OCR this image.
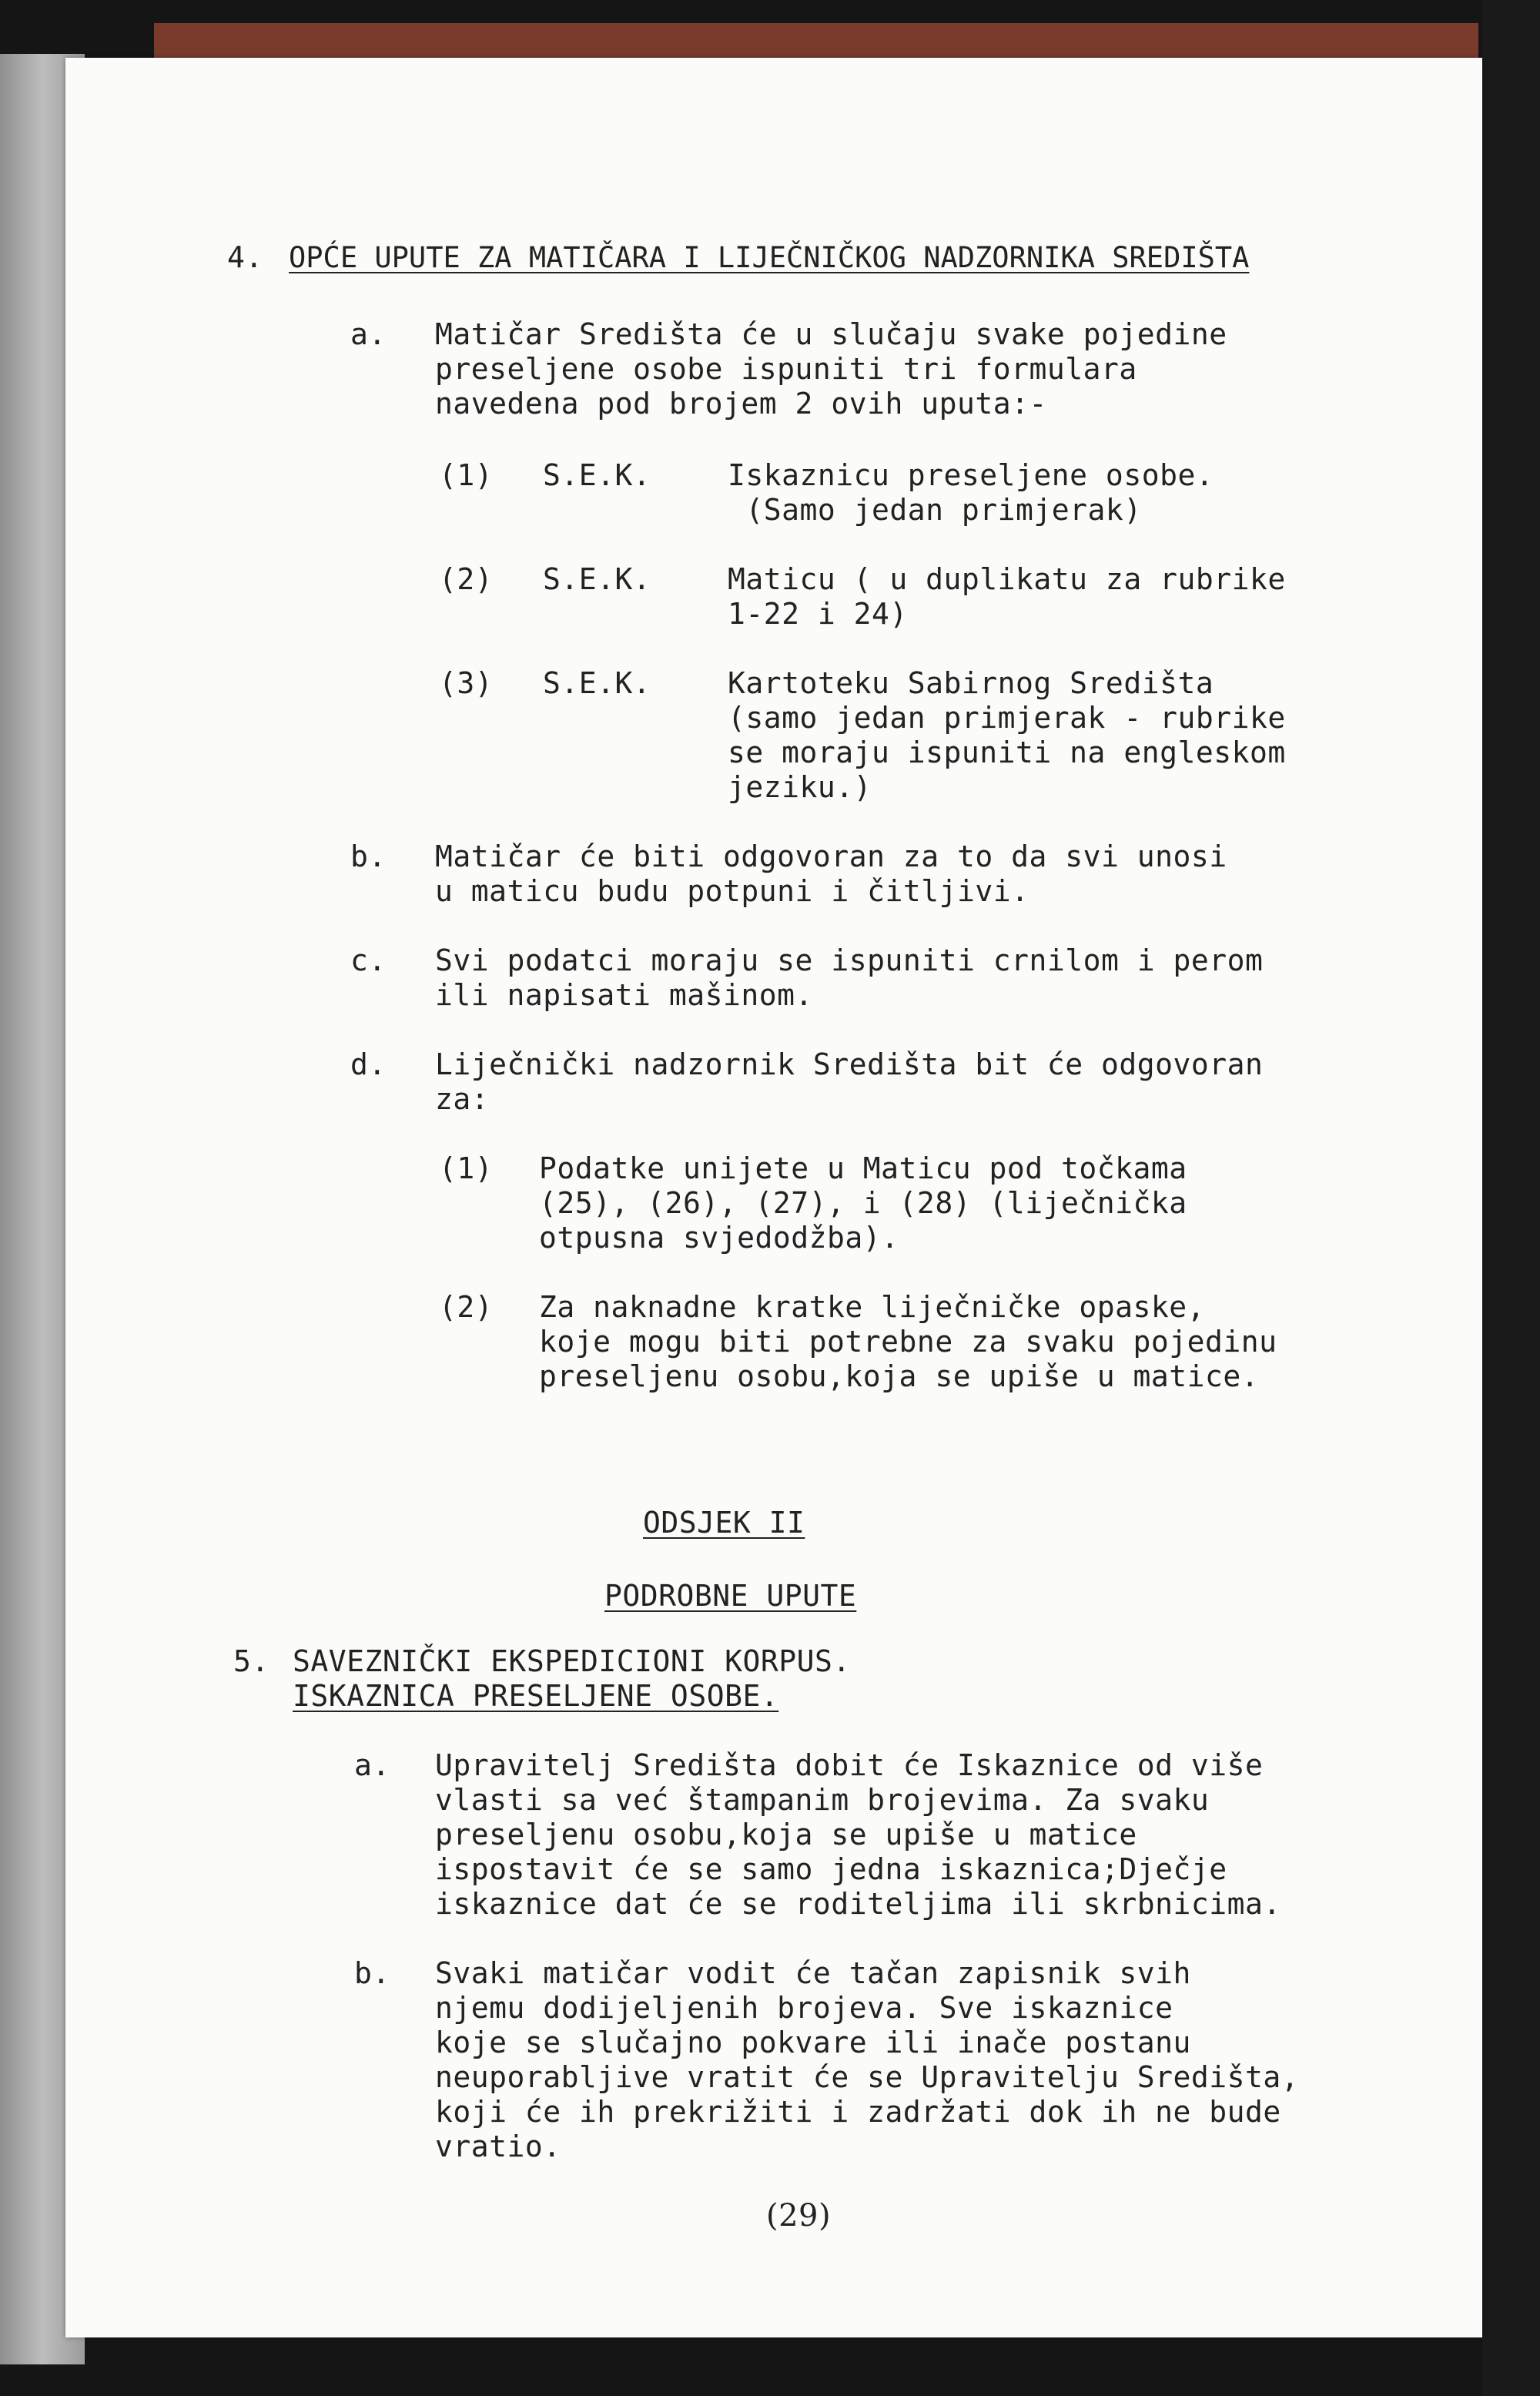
4. OPĆE UPUTE ZA MATIČARA I LIJEČNIČKOG NADZORNIKA SREDIŠTA

a. Matičar Središta će u slučaju svake pojedine

preseljene osobe ispuniti tri formulara

navedena pod brojem 2 ovih uputa:-

(1) S.E.K.	Iskaznicu preseljene osobe.

(Samo jedan primjerak)

(2) S.E.K.	Maticu ( u duplikatu za rubrike

1-22 i 24)

(3) S.E.K.	Kartoteku Sabirnog Središta

(samo jedan primjerak - rubrike

se moraju ispuniti na engleskom

jeziku.)

b. Matičar će biti odgovoran za to da svi unosi

u maticu budu potpuni i čitljivi.

c. Svi podatci moraju se ispuniti crnilom i perom

ili napisati mašinom.

d. Liječnički nadzornik Središta bit će odgovoran

za:

(1) Podatke unijete u Maticu pod točkama

(25), (26), (27), i (28) (liječnička

otpusna svjedodžba).

(2) Za naknadne kratke liječničke opaske,

koje mogu biti potrebne za svaku pojedinu

preseljenu osobu,koja se upiše u matice.

ODSJEK II

PODROBNE UPUTE

5. SAVEZNIČKI EKSPEDICIONI KORPUS.

ISKAZNICA PRESELJENE OSOBE.

a. Upravitelj Središta dobit će Iskaznice od više

vlasti sa već štampanim brojevima. Za svaku

preseljenu osobu,koja se upiše u matice

ispostavit će se samo jedna iskaznica;Dječje

iskaznice dat će se roditeljima ili skrbnicima.

b. Svaki matičar vodit će tačan zapisnik svih

njemu dodijeljenih brojeva. Sve iskaznice

koje se slučajno pokvare ili inače postanu

neuporabljive vratit će se Upravitelju Središta,

koji će ih prekrižiti i zadržati dok ih ne bude

vratio.

(29)
